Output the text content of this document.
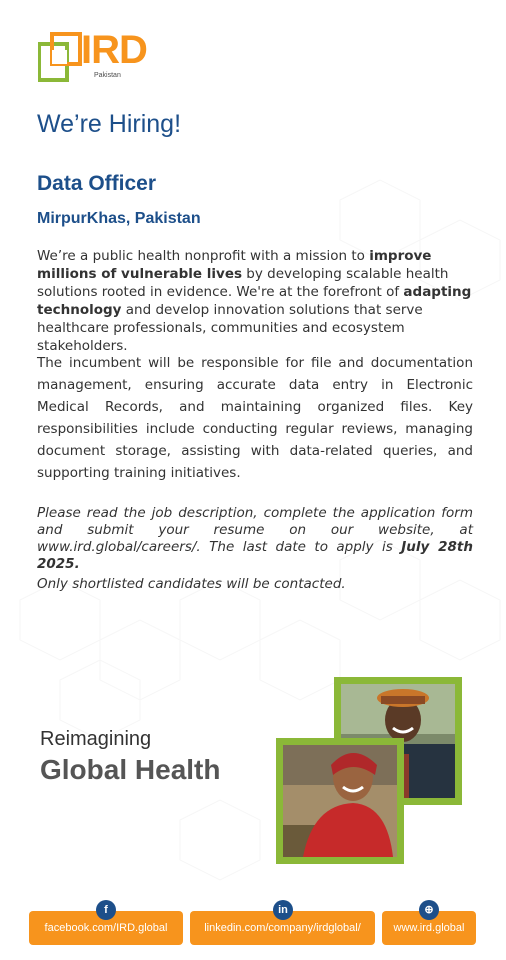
IRD
Pakistan
We’re Hiring!
Data Officer
MirpurKhas, Pakistan
We’re a public health nonprofit with a mission to improve millions of vulnerable lives by developing scalable health solutions rooted in evidence. We're at the forefront of adapting technology and develop innovation solutions that serve healthcare professionals, communities and ecosystem stakeholders.
The incumbent will be responsible for file and documentation management, ensuring accurate data entry in Electronic Medical Records, and maintaining organized files. Key responsibilities include conducting regular reviews, managing document storage, assisting with data-related queries, and supporting training initiatives.
Please read the job description, complete the application form and submit your resume on our website, at www.ird.global/careers/. The last date to apply is July 28th 2025.
Only shortlisted candidates will be contacted.
Reimagining
Global Health
facebook.com/IRD.global
f
linkedin.com/company/irdglobal/
in
www.ird.global
⊕
